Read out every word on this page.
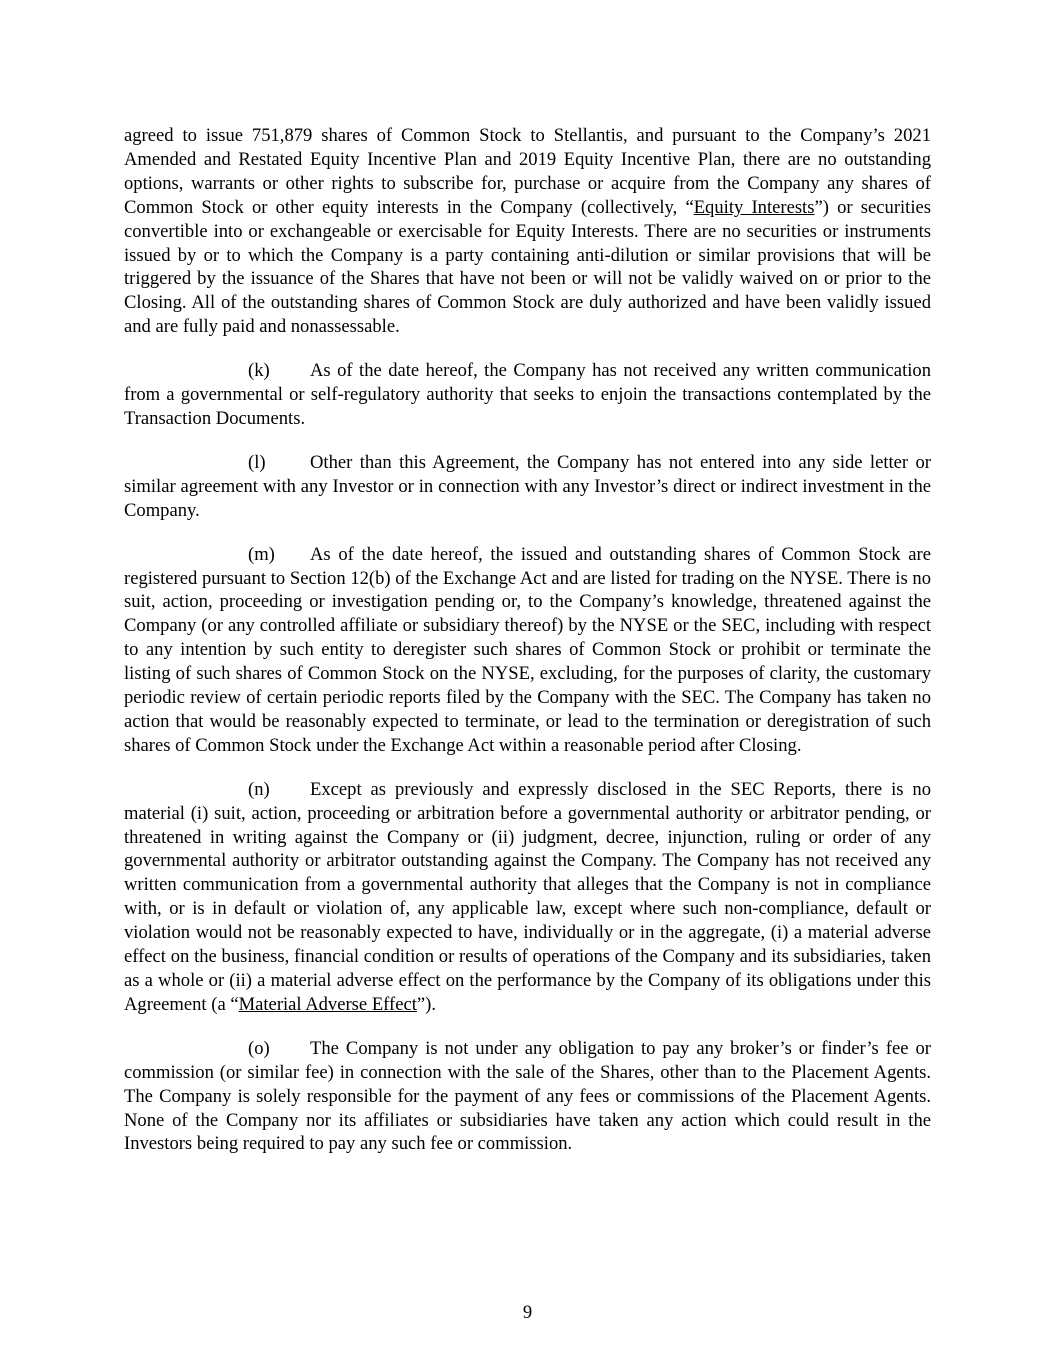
agreed to issue 751,879 shares of Common Stock to Stellantis, and pursuant to the Company’s 2021 Amended and Restated Equity Incentive Plan and 2019 Equity Incentive Plan, there are no outstanding options, warrants or other rights to subscribe for, purchase or acquire from the Company any shares of Common Stock or other equity interests in the Company (collectively, “Equity Interests”) or securities convertible into or exchangeable or exercisable for Equity Interests. There are no securities or instruments issued by or to which the Company is a party containing anti-dilution or similar provisions that will be triggered by the issuance of the Shares that have not been or will not be validly waived on or prior to the Closing. All of the outstanding shares of Common Stock are duly authorized and have been validly issued and are fully paid and nonassessable.

(k) As of the date hereof, the Company has not received any written communication from a governmental or self-regulatory authority that seeks to enjoin the transactions contemplated by the Transaction Documents.

(l) Other than this Agreement, the Company has not entered into any side letter or similar agreement with any Investor or in connection with any Investor’s direct or indirect investment in the Company.

(m) As of the date hereof, the issued and outstanding shares of Common Stock are registered pursuant to Section 12(b) of the Exchange Act and are listed for trading on the NYSE. There is no suit, action, proceeding or investigation pending or, to the Company’s knowledge, threatened against the Company (or any controlled affiliate or subsidiary thereof) by the NYSE or the SEC, including with respect to any intention by such entity to deregister such shares of Common Stock or prohibit or terminate the listing of such shares of Common Stock on the NYSE, excluding, for the purposes of clarity, the customary periodic review of certain periodic reports filed by the Company with the SEC. The Company has taken no action that would be reasonably expected to terminate, or lead to the termination or deregistration of such shares of Common Stock under the Exchange Act within a reasonable period after Closing.

(n) Except as previously and expressly disclosed in the SEC Reports, there is no material (i) suit, action, proceeding or arbitration before a governmental authority or arbitrator pending, or threatened in writing against the Company or (ii) judgment, decree, injunction, ruling or order of any governmental authority or arbitrator outstanding against the Company. The Company has not received any written communication from a governmental authority that alleges that the Company is not in compliance with, or is in default or violation of, any applicable law, except where such non-compliance, default or violation would not be reasonably expected to have, individually or in the aggregate, (i) a material adverse effect on the business, financial condition or results of operations of the Company and its subsidiaries, taken as a whole or (ii) a material adverse effect on the performance by the Company of its obligations under this Agreement (a “Material Adverse Effect”).

(o) The Company is not under any obligation to pay any broker’s or finder’s fee or commission (or similar fee) in connection with the sale of the Shares, other than to the Placement Agents. The Company is solely responsible for the payment of any fees or commissions of the Placement Agents. None of the Company nor its affiliates or subsidiaries have taken any action which could result in the Investors being required to pay any such fee or commission.

9
